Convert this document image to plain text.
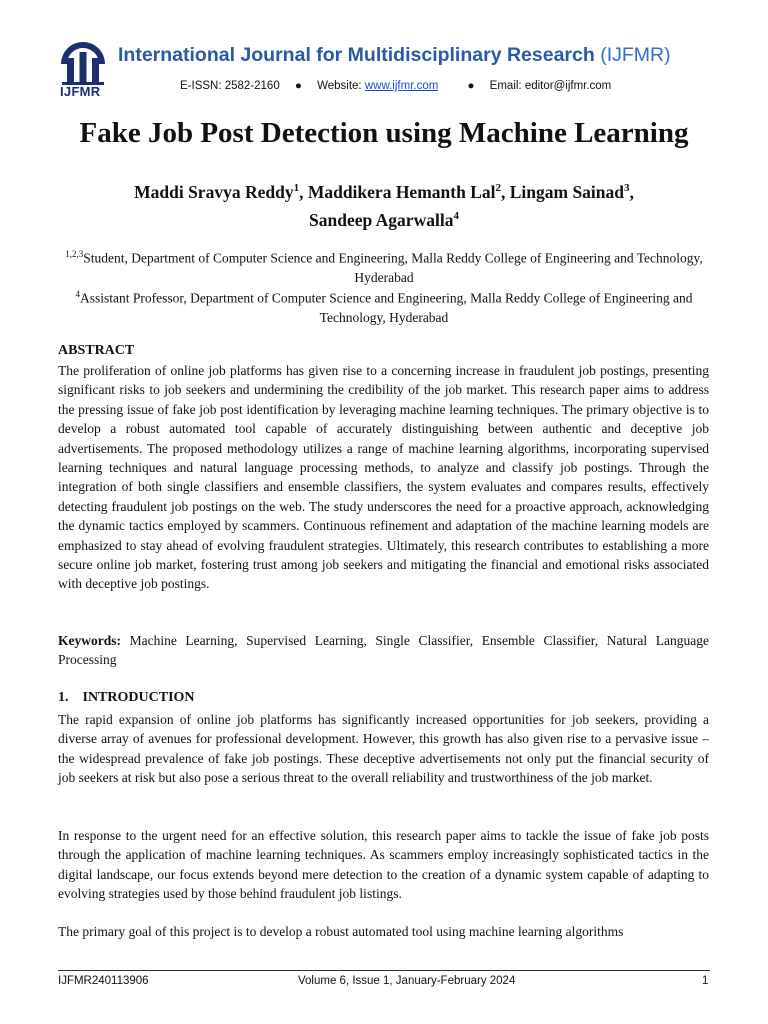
IJFMR
International Journal for Multidisciplinary Research (IJFMR)
E-ISSN: 2582-2160 ● Website: www.ijfmr.com	● Email: editor@ijfmr.com
Fake Job Post Detection using Machine Learning
Maddi Sravya Reddy$^1$, Maddikera Hemanth Lal$^2$, Lingam Sainad$^3$,
Sandeep Agarwalla$^4$
$^{1,2,3}$Student, Department of Computer Science and Engineering, Malla Reddy College of Engineering and Technology, Hyderabad
$^4$Assistant Professor, Department of Computer Science and Engineering, Malla Reddy College of Engineering and Technology, Hyderabad
ABSTRACT
The proliferation of online job platforms has given rise to a concerning increase in fraudulent job postings, presenting significant risks to job seekers and undermining the credibility of the job market. This research paper aims to address the pressing issue of fake job post identification by leveraging machine learning techniques. The primary objective is to develop a robust automated tool capable of accurately distinguishing between authentic and deceptive job advertisements. The proposed methodology utilizes a range of machine learning algorithms, incorporating supervised learning techniques and natural language processing methods, to analyze and classify job postings. Through the integration of both single classifiers and ensemble classifiers, the system evaluates and compares results, effectively detecting fraudulent job postings on the web. The study underscores the need for a proactive approach, acknowledging the dynamic tactics employed by scammers. Continuous refinement and adaptation of the machine learning models are emphasized to stay ahead of evolving fraudulent strategies. Ultimately, this research contributes to establishing a more secure online job market, fostering trust among job seekers and mitigating the financial and emotional risks associated with deceptive job postings.
Keywords: Machine Learning, Supervised Learning, Single Classifier, Ensemble Classifier, Natural Language Processing
1. INTRODUCTION
The rapid expansion of online job platforms has significantly increased opportunities for job seekers, providing a diverse array of avenues for professional development. However, this growth has also given rise to a pervasive issue – the widespread prevalence of fake job postings. These deceptive advertisements not only put the financial security of job seekers at risk but also pose a serious threat to the overall reliability and trustworthiness of the job market.
In response to the urgent need for an effective solution, this research paper aims to tackle the issue of fake job posts through the application of machine learning techniques. As scammers employ increasingly sophisticated tactics in the digital landscape, our focus extends beyond mere detection to the creation of a dynamic system capable of adapting to evolving strategies used by those behind fraudulent job listings.
The primary goal of this project is to develop a robust automated tool using machine learning algorithms
IJFMR240113906	Volume 6, Issue 1, January-February 2024	1
